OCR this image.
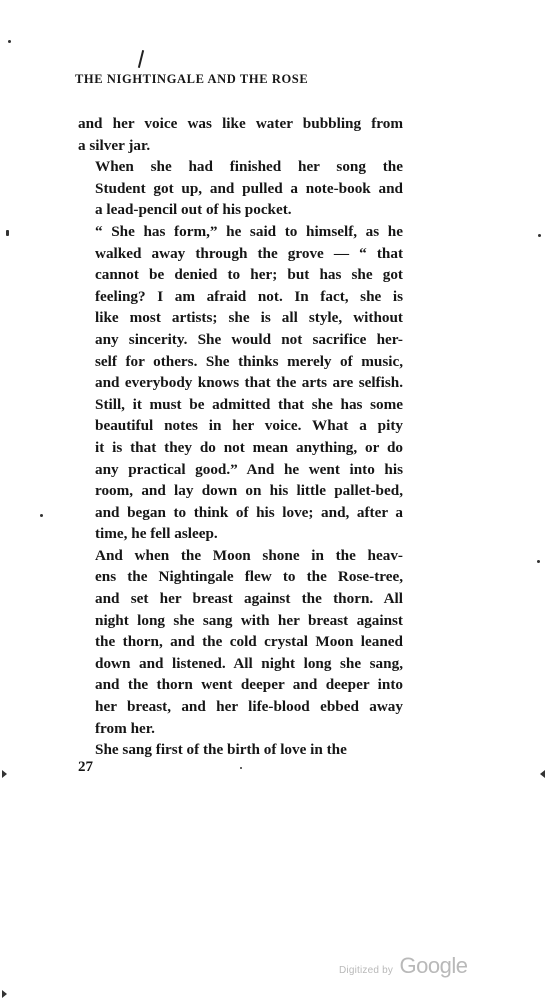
THE NIGHTINGALE AND THE ROSE

and her voice was like water bubbling from
a silver jar.

When she had finished her song the
Student got up, and pulled a note-book and
a lead-pencil out of his pocket.

“ She has form,” he said to himself, as he
walked away through the grove — “ that
cannot be denied to her; but has she got
feeling? I am afraid not. In fact, she is
like most artists; she is all style, without
any sincerity. She would not sacrifice her-
self for others. She thinks merely of music,
and everybody knows that the arts are selfish.
Still, it must be admitted that she has some
beautiful notes in her voice. What a pity
it is that they do not mean anything, or do
any practical good.” And he went into his
room, and lay down on his little pallet-bed,
and began to think of his love; and, after a
time, he fell asleep.

And when the Moon shone in the heav-
ens the Nightingale flew to the Rose-tree,
and set her breast against the thorn. All
night long she sang with her breast against
the thorn, and the cold crystal Moon leaned
down and listened. All night long she sang,
and the thorn went deeper and deeper into
her breast, and her life-blood ebbed away
from her.

She sang first of the birth of love in the

27
Digitized by Google
